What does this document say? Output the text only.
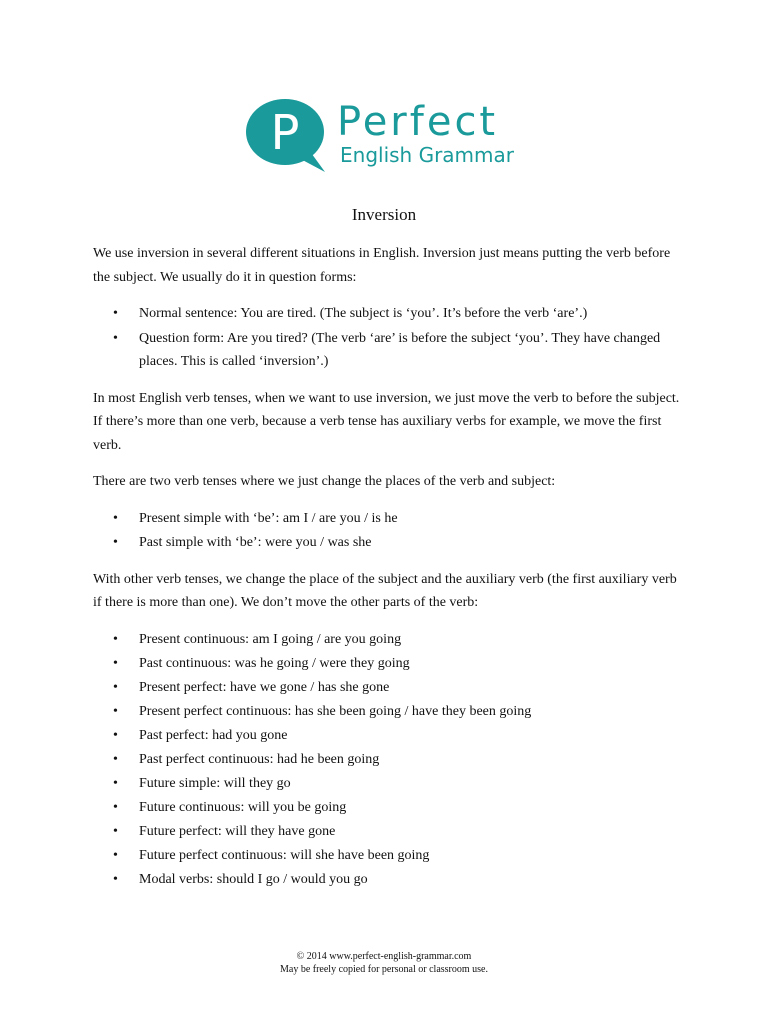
P Perfect
English Grammar
Inversion

We use inversion in several different situations in English. Inversion just means putting the verb before the subject. We usually do it in question forms:

• Normal sentence: You are tired. (The subject is ‘you’. It’s before the verb ‘are’.)
• Question form: Are you tired? (The verb ‘are’ is before the subject ‘you’. They have changed places. This is called ‘inversion’.)

In most English verb tenses, when we want to use inversion, we just move the verb to before the subject. If there’s more than one verb, because a verb tense has auxiliary verbs for example, we move the first verb.

There are two verb tenses where we just change the places of the verb and subject:

• Present simple with ‘be’: am I / are you / is he
• Past simple with ‘be’: were you / was she

With other verb tenses, we change the place of the subject and the auxiliary verb (the first auxiliary verb if there is more than one). We don’t move the other parts of the verb:

• Present continuous: am I going / are you going
• Past continuous: was he going / were they going
• Present perfect: have we gone / has she gone
• Present perfect continuous: has she been going / have they been going
• Past perfect: had you gone
• Past perfect continuous: had he been going
• Future simple: will they go
• Future continuous: will you be going
• Future perfect: will they have gone
• Future perfect continuous: will she have been going
• Modal verbs: should I go / would you go
© 2014 www.perfect-english-grammar.com
May be freely copied for personal or classroom use.
